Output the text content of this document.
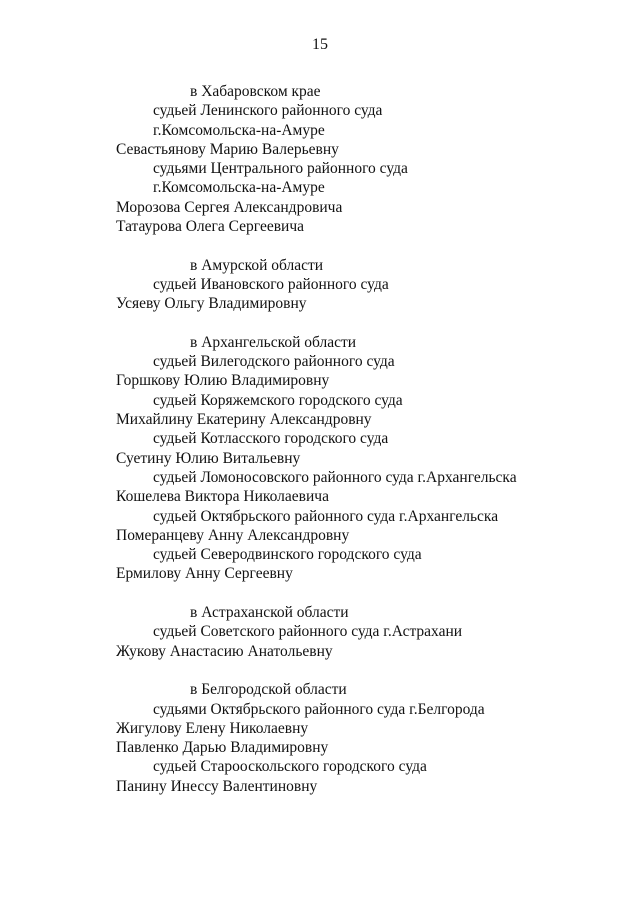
15
в Хабаровском крае
судьей Ленинского районного суда
г.Комсомольска-на-Амуре
Севастьянову Марию Валерьевну
судьями Центрального районного суда
г.Комсомольска-на-Амуре
Морозова Сергея Александровича
Татаурова Олега Сергеевича
в Амурской области
судьей Ивановского районного суда
Усяеву Ольгу Владимировну
в Архангельской области
судьей Вилегодского районного суда
Горшкову Юлию Владимировну
судьей Коряжемского городского суда
Михайлину Екатерину Александровну
судьей Котласского городского суда
Суетину Юлию Витальевну
судьей Ломоносовского районного суда г.Архангельска
Кошелева Виктора Николаевича
судьей Октябрьского районного суда г.Архангельска
Померанцеву Анну Александровну
судьей Северодвинского городского суда
Ермилову Анну Сергеевну
в Астраханской области
судьей Советского районного суда г.Астрахани
Жукову Анастасию Анатольевну
в Белгородской области
судьями Октябрьского районного суда г.Белгорода
Жигулову Елену Николаевну
Павленко Дарью Владимировну
судьей Старооскольского городского суда
Панину Инессу Валентиновну
